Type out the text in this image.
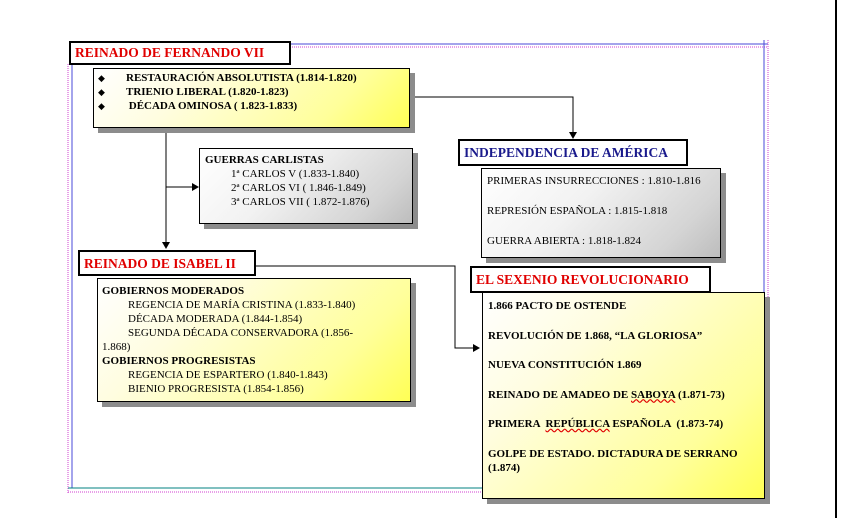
REINADO DE FERNANDO VII
◆ RESTAURACIÓN ABSOLUTISTA (1.814-1.820)
◆ TRIENIO LIBERAL (1.820-1.823)
◆ DÉCADA OMINOSA ( 1.823-1.833)
GUERRAS CARLISTAS
1ª CARLOS V (1.833-1.840)
2ª CARLOS VI ( 1.846-1.849)
3ª CARLOS VII ( 1.872-1.876)
INDEPENDENCIA DE AMÉRICA

PRIMERAS INSURRECCIONES : 1.810-1.816

REPRESIÓN ESPAÑOLA : 1.815-1.818

GUERRA ABIERTA : 1.818-1.824

REINADO DE ISABEL II
GOBIERNOS MODERADOS
REGENCIA DE MARÍA CRISTINA (1.833-1.840)
DÉCADA MODERADA (1.844-1.854)
SEGUNDA DÉCADA CONSERVADORA (1.856-
1.868)
GOBIERNOS PROGRESISTAS
REGENCIA DE ESPARTERO (1.840-1.843)
BIENIO PROGRESISTA (1.854-1.856)
EL SEXENIO REVOLUCIONARIO

1.866 PACTO DE OSTENDE

REVOLUCIÓN DE 1.868, “LA GLORIOSA”

NUEVA CONSTITUCIÓN 1.869

REINADO DE AMADEO DE SABOYA (1.871-73)

PRIMERA  REPÚBLICA ESPAÑOLA  (1.873-74)

GOLPE DE ESTADO. DICTADURA DE SERRANO (1.874)
